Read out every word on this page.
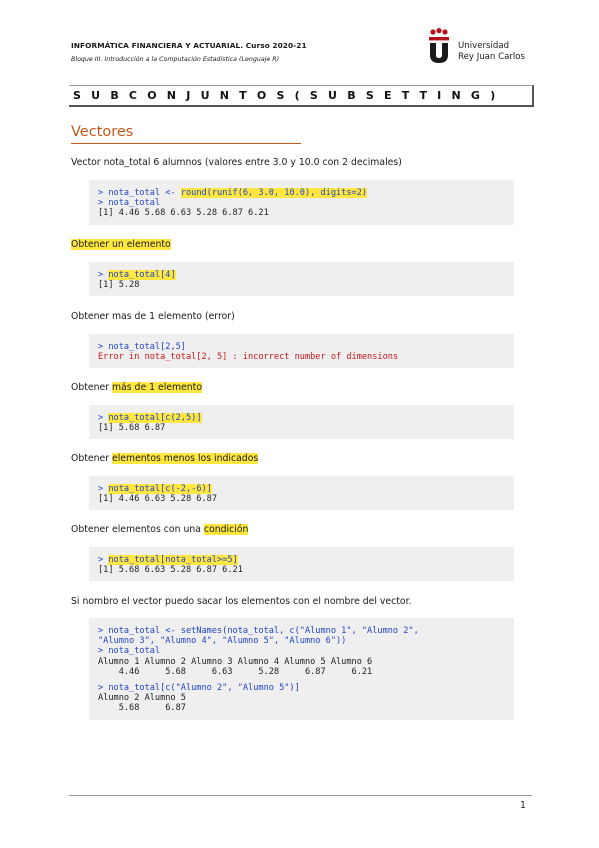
INFORMÁTICA FINANCIERA Y ACTUARIAL. Curso 2020-21
Bloque III. Introducción a la Computación Estadística (Lenguaje R)
Universidad
Rey Juan Carlos
S U B C O N J U N T O S ( S U B S E T T I N G )
Vectores
Vector nota_total 6 alumnos (valores entre 3.0 y 10.0 con 2 decimales)
> nota_total <- round(runif(6, 3.0, 10.0), digits=2)
> nota_total
[1] 4.46 5.68 6.63 5.28 6.87 6.21
Obtener un elemento
> nota_total[4]
[1] 5.28
Obtener mas de 1 elemento (error)
> nota_total[2,5]
Error in nota_total[2, 5] : incorrect number of dimensions
Obtener más de 1 elemento
> nota_total[c(2,5)]
[1] 5.68 6.87
Obtener elementos menos los indicados
> nota_total[c(-2,-6)]
[1] 4.46 6.63 5.28 6.87
Obtener elementos con una condición
> nota_total[nota_total>=5]
[1] 5.68 6.63 5.28 6.87 6.21
Si nombro el vector puedo sacar los elementos con el nombre del vector.
> nota_total <- setNames(nota_total, c("Alumno 1", "Alumno 2",
"Alumno 3", "Alumno 4", "Alumno 5", "Alumno 6"))
> nota_total
Alumno 1 Alumno 2 Alumno 3 Alumno 4 Alumno 5 Alumno 6
4.46     5.68     6.63     5.28     6.87     6.21
> nota_total[c("Alumno 2", "Alumno 5")]
Alumno 2 Alumno 5
5.68     6.87
1
